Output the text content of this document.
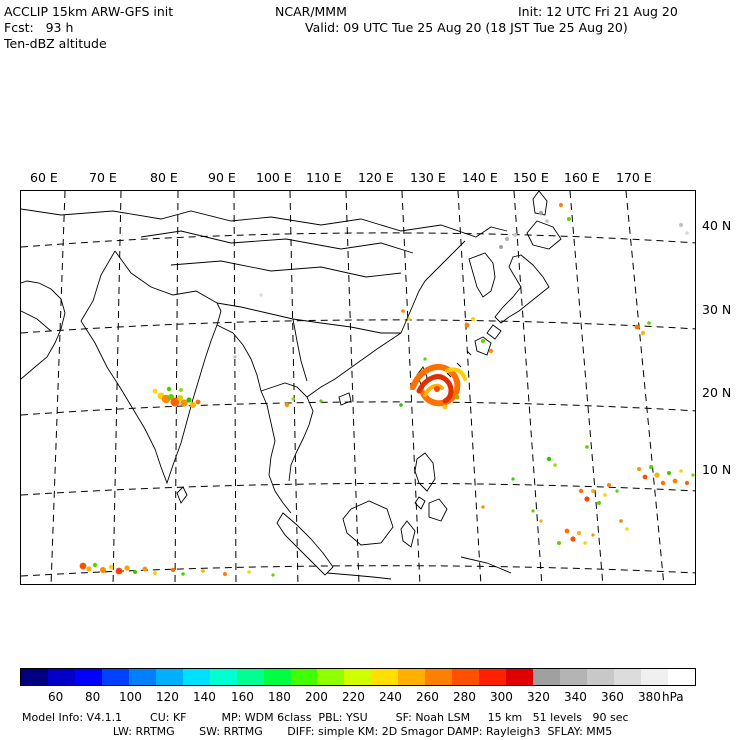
ACCLIP 15km ARW-GFS init
Fcst:   93 h
Ten-dBZ altitude
NCAR/MMM	Init: 12 UTC Fri 21 Aug 20
Valid: 09 UTC Tue 25 Aug 20 (18 JST Tue 25 Aug 20)
60 E 70 E	80 E 90 E 100 E 110 E 120 E 130 E 140 E 150 E 160 E 170 E
40 N
30 N
20 N
10 N
60 80 100 120 140 160 180 200 220 240 260 280 300 320 340 360 380 hPa
Model Info: V4.1.1        CU: KF          MP: WDM 6class  PBL: YSU        SF: Noah LSM     15 km   51 levels   90 sec
LW: RRTMG       SW: RRTMG       DIFF: simple KM: 2D Smagor DAMP: Rayleigh3  SFLAY: MM5
